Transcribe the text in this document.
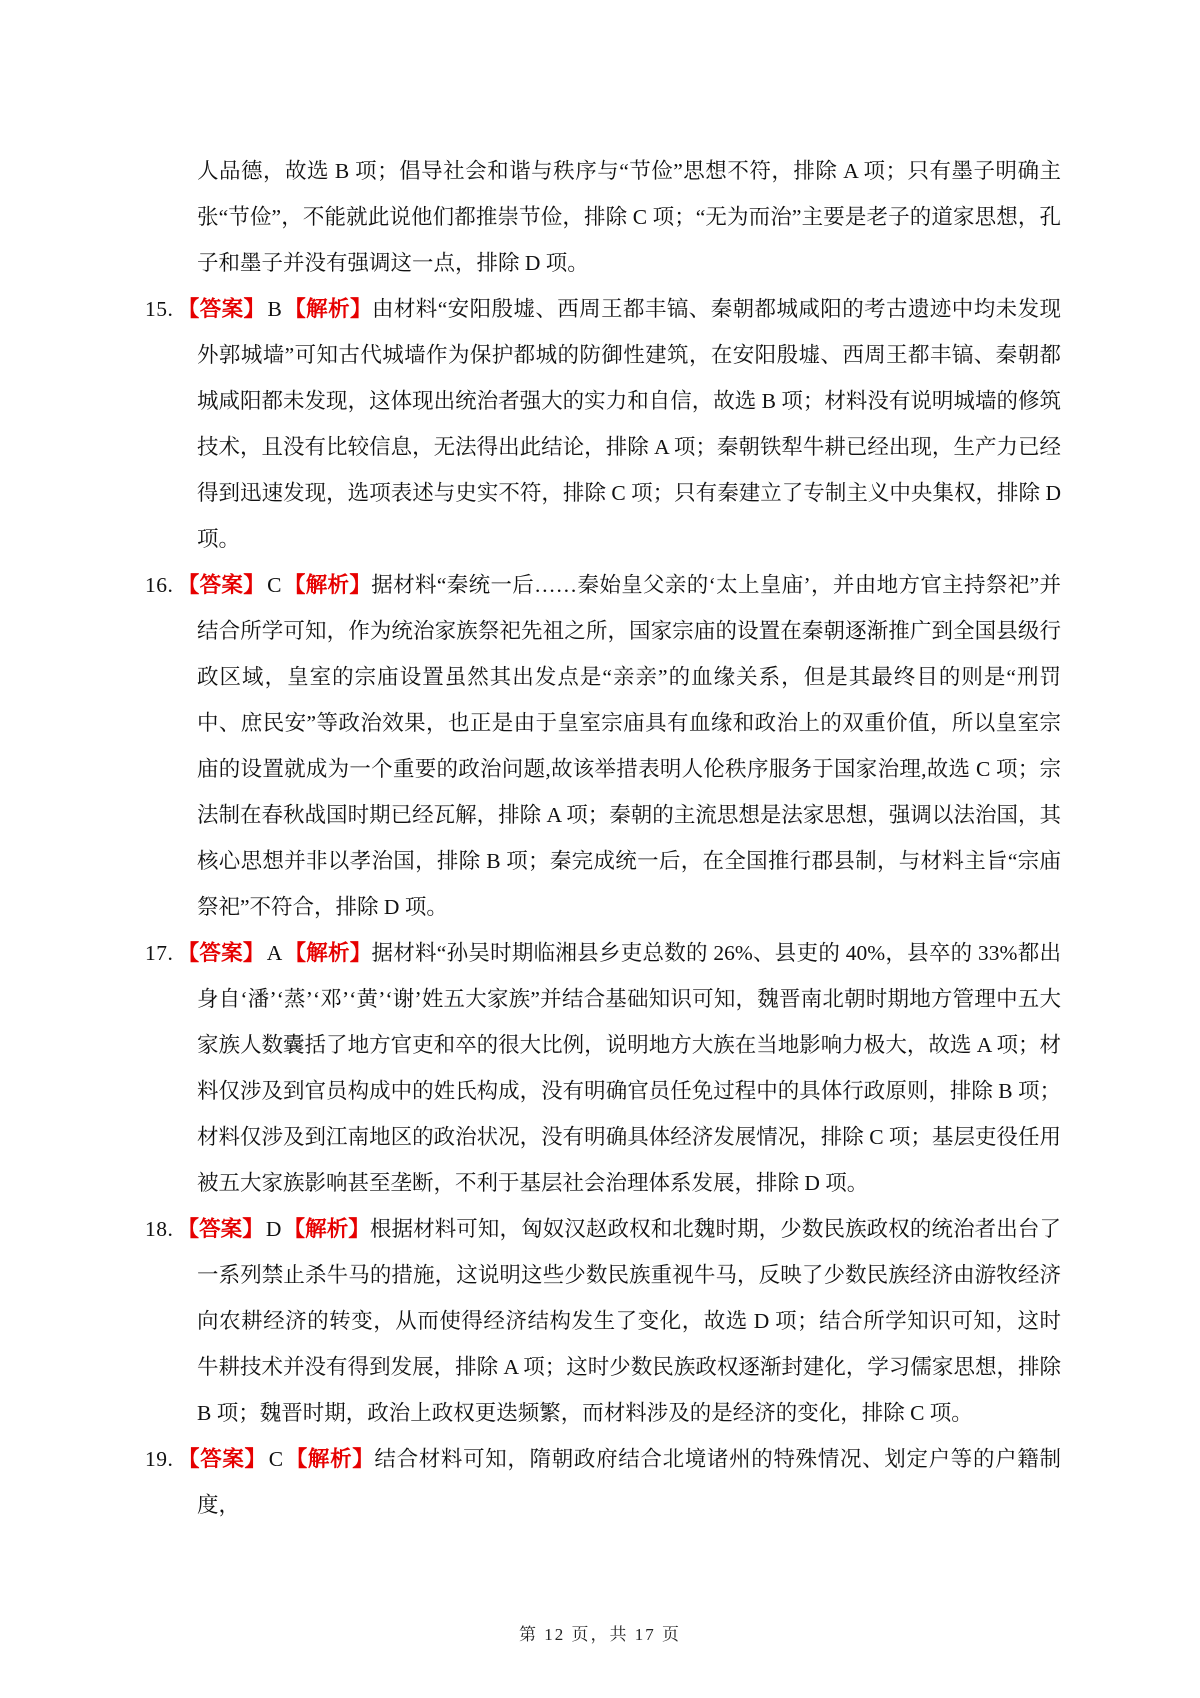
人品德，故选 B 项；倡导社会和谐与秩序与“节俭”思想不符，排除 A 项；只有墨子明确主张“节俭”，不能就此说他们都推崇节俭，排除 C 项；“无为而治”主要是老子的道家思想，孔子和墨子并没有强调这一点，排除 D 项。
15. 【答案】B【解析】由材料“安阳殷墟、西周王都丰镐、秦朝都城咸阳的考古遗迹中均未发现外郭城墙”可知古代城墙作为保护都城的防御性建筑，在安阳殷墟、西周王都丰镐、秦朝都城咸阳都未发现，这体现出统治者强大的实力和自信，故选 B 项；材料没有说明城墙的修筑技术，且没有比较信息，无法得出此结论，排除 A 项；秦朝铁犁牛耕已经出现，生产力已经得到迅速发现，选项表述与史实不符，排除 C 项；只有秦建立了专制主义中央集权，排除 D 项。
16. 【答案】C【解析】据材料“秦统一后……秦始皇父亲的‘太上皇庙’，并由地方官主持祭祀”并结合所学可知，作为统治家族祭祀先祖之所，国家宗庙的设置在秦朝逐渐推广到全国县级行政区域，皇室的宗庙设置虽然其出发点是“亲亲”的血缘关系，但是其最终目的则是“刑罚中、庶民安”等政治效果，也正是由于皇室宗庙具有血缘和政治上的双重价值，所以皇室宗庙的设置就成为一个重要的政治问题,故该举措表明人伦秩序服务于国家治理,故选 C 项；宗法制在春秋战国时期已经瓦解，排除 A 项；秦朝的主流思想是法家思想，强调以法治国，其核心思想并非以孝治国，排除 B 项；秦完成统一后，在全国推行郡县制，与材料主旨“宗庙祭祀”不符合，排除 D 项。
17. 【答案】A【解析】据材料“孙吴时期临湘县乡吏总数的 26%、县吏的 40%，县卒的 33%都出身自‘潘’‘蒸’‘邓’‘黄’‘谢’姓五大家族”并结合基础知识可知，魏晋南北朝时期地方管理中五大家族人数囊括了地方官吏和卒的很大比例，说明地方大族在当地影响力极大，故选 A 项；材料仅涉及到官员构成中的姓氏构成，没有明确官员任免过程中的具体行政原则，排除 B 项；材料仅涉及到江南地区的政治状况，没有明确具体经济发展情况，排除 C 项；基层吏役任用被五大家族影响甚至垄断，不利于基层社会治理体系发展，排除 D 项。
18. 【答案】D【解析】根据材料可知，匈奴汉赵政权和北魏时期，少数民族政权的统治者出台了一系列禁止杀牛马的措施，这说明这些少数民族重视牛马，反映了少数民族经济由游牧经济向农耕经济的转变，从而使得经济结构发生了变化，故选 D 项；结合所学知识可知，这时牛耕技术并没有得到发展，排除 A 项；这时少数民族政权逐渐封建化，学习儒家思想，排除 B 项；魏晋时期，政治上政权更迭频繁，而材料涉及的是经济的变化，排除 C 项。
19. 【答案】C【解析】结合材料可知，隋朝政府结合北境诸州的特殊情况、划定户等的户籍制度，
第 12 页，共 17 页
